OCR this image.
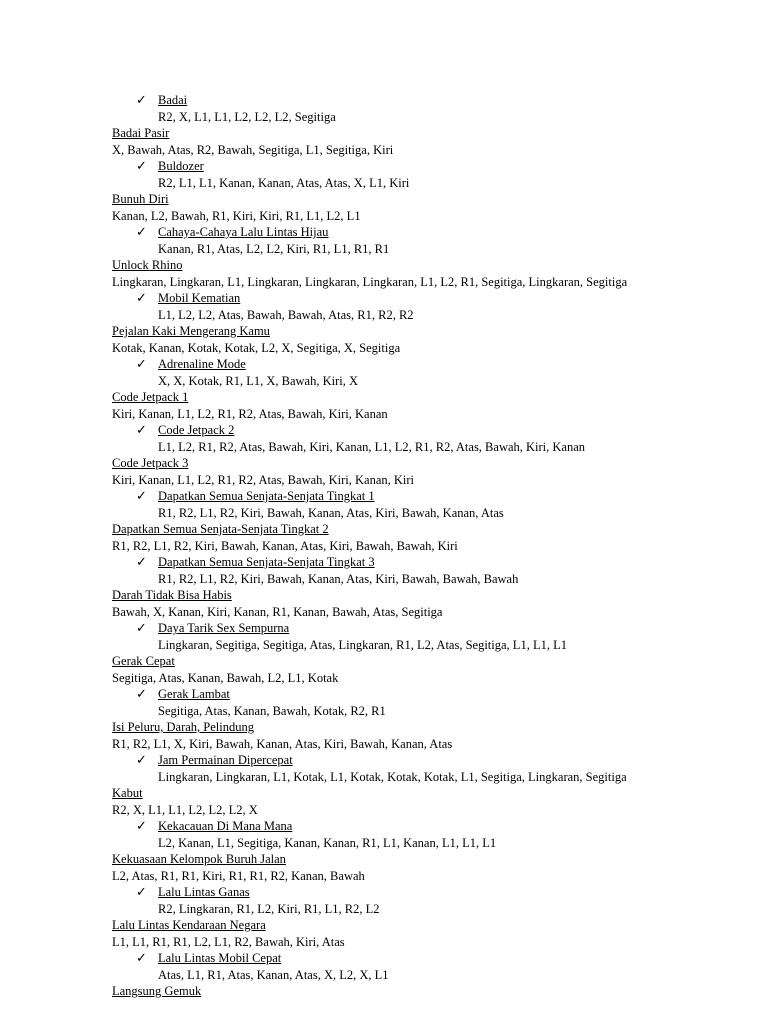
✓ Badai
R2, X, L1, L1, L2, L2, L2, Segitiga
Badai Pasir
X, Bawah, Atas, R2, Bawah, Segitiga, L1, Segitiga, Kiri
✓ Buldozer
R2, L1, L1, Kanan, Kanan, Atas, Atas, X, L1, Kiri
Bunuh Diri
Kanan, L2, Bawah, R1, Kiri, Kiri, R1, L1, L2, L1
✓ Cahaya-Cahaya Lalu Lintas Hijau
Kanan, R1, Atas, L2, L2, Kiri, R1, L1, R1, R1
Unlock Rhino
Lingkaran, Lingkaran, L1, Lingkaran, Lingkaran, Lingkaran, L1, L2, R1, Segitiga, Lingkaran, Segitiga
✓ Mobil Kematian
L1, L2, L2, Atas, Bawah, Bawah, Atas, R1, R2, R2
Pejalan Kaki Mengerang Kamu
Kotak, Kanan, Kotak, Kotak, L2, X, Segitiga, X, Segitiga
✓ Adrenaline Mode
X, X, Kotak, R1, L1, X, Bawah, Kiri, X
Code Jetpack 1
Kiri, Kanan, L1, L2, R1, R2, Atas, Bawah, Kiri, Kanan
✓ Code Jetpack 2
L1, L2, R1, R2, Atas, Bawah, Kiri, Kanan, L1, L2, R1, R2, Atas, Bawah, Kiri, Kanan
Code Jetpack 3
Kiri, Kanan, L1, L2, R1, R2, Atas, Bawah, Kiri, Kanan, Kiri
✓ Dapatkan Semua Senjata-Senjata Tingkat 1
R1, R2, L1, R2, Kiri, Bawah, Kanan, Atas, Kiri, Bawah, Kanan, Atas
Dapatkan Semua Senjata-Senjata Tingkat 2
R1, R2, L1, R2, Kiri, Bawah, Kanan, Atas, Kiri, Bawah, Bawah, Kiri
✓ Dapatkan Semua Senjata-Senjata Tingkat 3
R1, R2, L1, R2, Kiri, Bawah, Kanan, Atas, Kiri, Bawah, Bawah, Bawah
Darah Tidak Bisa Habis
Bawah, X, Kanan, Kiri, Kanan, R1, Kanan, Bawah, Atas, Segitiga
✓ Daya Tarik Sex Sempurna
Lingkaran, Segitiga, Segitiga, Atas, Lingkaran, R1, L2, Atas, Segitiga, L1, L1, L1
Gerak Cepat
Segitiga, Atas, Kanan, Bawah, L2, L1, Kotak
✓ Gerak Lambat
Segitiga, Atas, Kanan, Bawah, Kotak, R2, R1
Isi Peluru, Darah, Pelindung
R1, R2, L1, X, Kiri, Bawah, Kanan, Atas, Kiri, Bawah, Kanan, Atas
✓ Jam Permainan Dipercepat
Lingkaran, Lingkaran, L1, Kotak, L1, Kotak, Kotak, Kotak, L1, Segitiga, Lingkaran, Segitiga
Kabut
R2, X, L1, L1, L2, L2, L2, X
✓ Kekacauan Di Mana Mana
L2, Kanan, L1, Segitiga, Kanan, Kanan, R1, L1, Kanan, L1, L1, L1
Kekuasaan Kelompok Buruh Jalan
L2, Atas, R1, R1, Kiri, R1, R1, R2, Kanan, Bawah
✓ Lalu Lintas Ganas
R2, Lingkaran, R1, L2, Kiri, R1, L1, R2, L2
Lalu Lintas Kendaraan Negara
L1, L1, R1, R1, L2, L1, R2, Bawah, Kiri, Atas
✓ Lalu Lintas Mobil Cepat
Atas, L1, R1, Atas, Kanan, Atas, X, L2, X, L1
Langsung Gemuk
